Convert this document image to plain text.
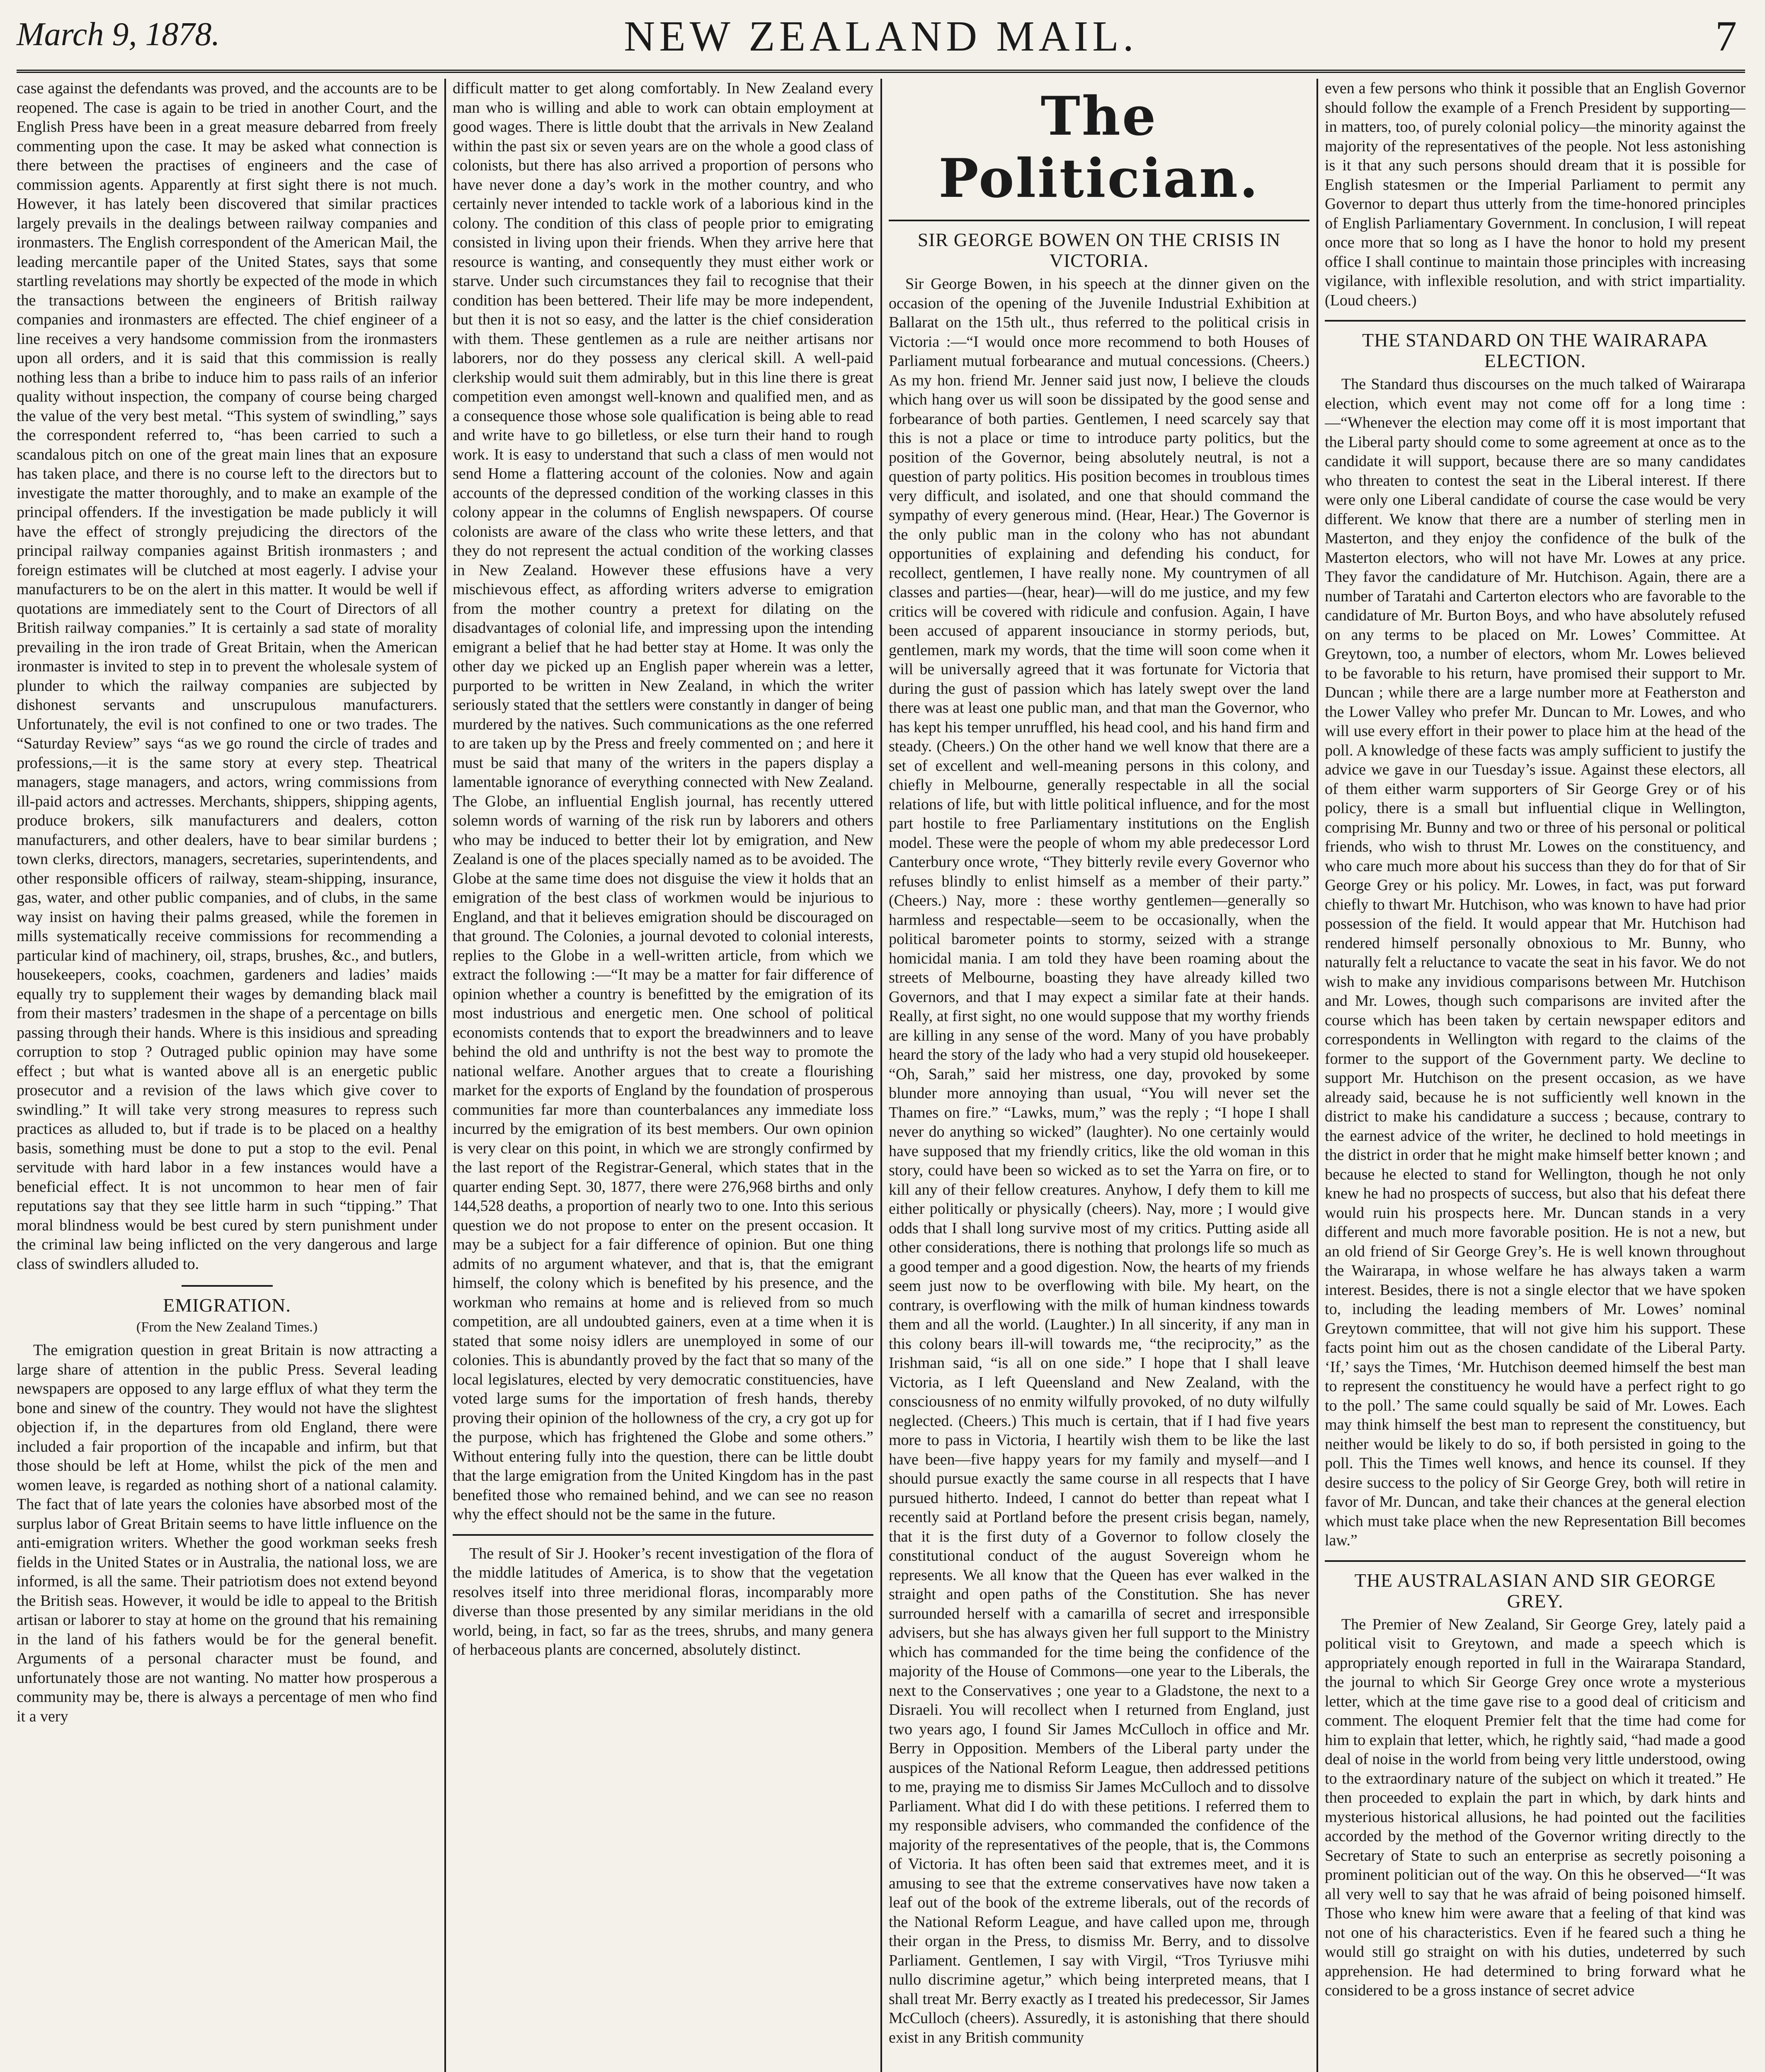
March 9, 1878.	NEW ZEALAND MAIL.	7

case against the defendants was proved, and the accounts are to be reopened. The case is again to be tried in another Court, and the English Press have been in a great measure debarred from freely commenting upon the case. It may be asked what connection is there between the practises of engineers and the case of commission agents. Apparently at first sight there is not much. However, it has lately been discovered that similar practices largely prevails in the dealings between railway companies and ironmasters. The English correspondent of the American Mail, the leading mercantile paper of the United States, says that some startling revelations may shortly be expected of the mode in which the transactions between the engineers of British railway companies and ironmasters are effected. The chief engineer of a line receives a very handsome commission from the ironmasters upon all orders, and it is said that this commission is really nothing less than a bribe to induce him to pass rails of an inferior quality without inspection, the company of course being charged the value of the very best metal. “This system of swindling,” says the correspondent referred to, “has been carried to such a scandalous pitch on one of the great main lines that an exposure has taken place, and there is no course left to the directors but to investigate the matter thoroughly, and to make an example of the principal offenders. If the investigation be made publicly it will have the effect of strongly prejudicing the directors of the principal railway companies against British ironmasters ; and foreign estimates will be clutched at most eagerly. I advise your manufacturers to be on the alert in this matter. It would be well if quotations are immediately sent to the Court of Directors of all British railway companies.” It is certainly a sad state of morality prevailing in the iron trade of Great Britain, when the American ironmaster is invited to step in to prevent the wholesale system of plunder to which the railway companies are subjected by dishonest servants and unscrupulous manufacturers. Unfortunately, the evil is not confined to one or two trades. The “Saturday Review” says “as we go round the circle of trades and professions,—it is the same story at every step. Theatrical managers, stage managers, and actors, wring commissions from ill-paid actors and actresses. Merchants, shippers, shipping agents, produce brokers, silk manufacturers and dealers, cotton manufacturers, and other dealers, have to bear similar burdens ; town clerks, directors, managers, secretaries, superintendents, and other responsible officers of railway, steam-shipping, insurance, gas, water, and other public companies, and of clubs, in the same way insist on having their palms greased, while the foremen in mills systematically receive commissions for recommending a particular kind of machinery, oil, straps, brushes, &c., and butlers, housekeepers, cooks, coachmen, gardeners and ladies’ maids equally try to supplement their wages by demanding black mail from their masters’ tradesmen in the shape of a percentage on bills passing through their hands. Where is this insidious and spreading corruption to stop ? Outraged public opinion may have some effect ; but what is wanted above all is an energetic public prosecutor and a revision of the laws which give cover to swindling.” It will take very strong measures to repress such practices as alluded to, but if trade is to be placed on a healthy basis, something must be done to put a stop to the evil. Penal servitude with hard labor in a few instances would have a beneficial effect. It is not uncommon to hear men of fair reputations say that they see little harm in such “tipping.” That moral blindness would be best cured by stern punishment under the criminal law being inflicted on the very dangerous and large class of swindlers alluded to.

EMIGRATION.
(From the New Zealand Times.)

The emigration question in great Britain is now attracting a large share of attention in the public Press. Several leading newspapers are opposed to any large efflux of what they term the bone and sinew of the country. They would not have the slightest objection if, in the departures from old England, there were included a fair proportion of the incapable and infirm, but that those should be left at Home, whilst the pick of the men and women leave, is regarded as nothing short of a national calamity. The fact that of late years the colonies have absorbed most of the surplus labor of Great Britain seems to have little influence on the anti-emigration writers. Whether the good workman seeks fresh fields in the United States or in Australia, the national loss, we are informed, is all the same. Their patriotism does not extend beyond the British seas. However, it would be idle to appeal to the British artisan or laborer to stay at home on the ground that his remaining in the land of his fathers would be for the general benefit. Arguments of a personal character must be found, and unfortunately those are not wanting. No matter how prosperous a community may be, there is always a percentage of men who find it a very

difficult matter to get along comfortably. In New Zealand every man who is willing and able to work can obtain employment at good wages. There is little doubt that the arrivals in New Zealand within the past six or seven years are on the whole a good class of colonists, but there has also arrived a proportion of persons who have never done a day’s work in the mother country, and who certainly never intended to tackle work of a laborious kind in the colony. The condition of this class of people prior to emigrating consisted in living upon their friends. When they arrive here that resource is wanting, and consequently they must either work or starve. Under such circumstances they fail to recognise that their condition has been bettered. Their life may be more independent, but then it is not so easy, and the latter is the chief consideration with them. These gentlemen as a rule are neither artisans nor laborers, nor do they possess any clerical skill. A well-paid clerkship would suit them admirably, but in this line there is great competition even amongst well-known and qualified men, and as a consequence those whose sole qualification is being able to read and write have to go billetless, or else turn their hand to rough work. It is easy to understand that such a class of men would not send Home a flattering account of the colonies. Now and again accounts of the depressed condition of the working classes in this colony appear in the columns of English newspapers. Of course colonists are aware of the class who write these letters, and that they do not represent the actual condition of the working classes in New Zealand. However these effusions have a very mischievous effect, as affording writers adverse to emigration from the mother country a pretext for dilating on the disadvantages of colonial life, and impressing upon the intending emigrant a belief that he had better stay at Home. It was only the other day we picked up an English paper wherein was a letter, purported to be written in New Zealand, in which the writer seriously stated that the settlers were constantly in danger of being murdered by the natives. Such communications as the one referred to are taken up by the Press and freely commented on ; and here it must be said that many of the writers in the papers display a lamentable ignorance of everything connected with New Zealand. The Globe, an influential English journal, has recently uttered solemn words of warning of the risk run by laborers and others who may be induced to better their lot by emigration, and New Zealand is one of the places specially named as to be avoided. The Globe at the same time does not disguise the view it holds that an emigration of the best class of workmen would be injurious to England, and that it believes emigration should be discouraged on that ground. The Colonies, a journal devoted to colonial interests, replies to the Globe in a well-written article, from which we extract the following :—“It may be a matter for fair difference of opinion whether a country is benefitted by the emigration of its most industrious and energetic men. One school of political economists contends that to export the breadwinners and to leave behind the old and unthrifty is not the best way to promote the national welfare. Another argues that to create a flourishing market for the exports of England by the foundation of prosperous communities far more than counterbalances any immediate loss incurred by the emigration of its best members. Our own opinion is very clear on this point, in which we are strongly confirmed by the last report of the Registrar-General, which states that in the quarter ending Sept. 30, 1877, there were 276,968 births and only 144,528 deaths, a proportion of nearly two to one. Into this serious question we do not propose to enter on the present occasion. It may be a subject for a fair difference of opinion. But one thing admits of no argument whatever, and that is, that the emigrant himself, the colony which is benefited by his presence, and the workman who remains at home and is relieved from so much competition, are all undoubted gainers, even at a time when it is stated that some noisy idlers are unemployed in some of our colonies. This is abundantly proved by the fact that so many of the local legislatures, elected by very democratic constituencies, have voted large sums for the importation of fresh hands, thereby proving their opinion of the hollowness of the cry, a cry got up for the purpose, which has frightened the Globe and some others.” Without entering fully into the question, there can be little doubt that the large emigration from the United Kingdom has in the past benefited those who remained behind, and we can see no reason why the effect should not be the same in the future.

The result of Sir J. Hooker’s recent investigation of the flora of the middle latitudes of America, is to show that the vegetation resolves itself into three meridional floras, incomparably more diverse than those presented by any similar meridians in the old world, being, in fact, so far as the trees, shrubs, and many genera of herbaceous plants are concerned, absolutely distinct.

The Politician.
SIR GEORGE BOWEN ON THE CRISIS IN VICTORIA.

Sir George Bowen, in his speech at the dinner given on the occasion of the opening of the Juvenile Industrial Exhibition at Ballarat on the 15th ult., thus referred to the political crisis in Victoria :—“I would once more recommend to both Houses of Parliament mutual forbearance and mutual concessions. (Cheers.) As my hon. friend Mr. Jenner said just now, I believe the clouds which hang over us will soon be dissipated by the good sense and forbearance of both parties. Gentlemen, I need scarcely say that this is not a place or time to introduce party politics, but the position of the Governor, being absolutely neutral, is not a question of party politics. His position becomes in troublous times very difficult, and isolated, and one that should command the sympathy of every generous mind. (Hear, Hear.) The Governor is the only public man in the colony who has not abundant opportunities of explaining and defending his conduct, for recollect, gentlemen, I have really none. My countrymen of all classes and parties—(hear, hear)—will do me justice, and my few critics will be covered with ridicule and confusion. Again, I have been accused of apparent insouciance in stormy periods, but, gentlemen, mark my words, that the time will soon come when it will be universally agreed that it was fortunate for Victoria that during the gust of passion which has lately swept over the land there was at least one public man, and that man the Governor, who has kept his temper unruffled, his head cool, and his hand firm and steady. (Cheers.) On the other hand we well know that there are a set of excellent and well-meaning persons in this colony, and chiefly in Melbourne, generally respectable in all the social relations of life, but with little political influence, and for the most part hostile to free Parliamentary institutions on the English model. These were the people of whom my able predecessor Lord Canterbury once wrote, “They bitterly revile every Governor who refuses blindly to enlist himself as a member of their party.” (Cheers.) Nay, more : these worthy gentlemen—generally so harmless and respectable—seem to be occasionally, when the political barometer points to stormy, seized with a strange homicidal mania. I am told they have been roaming about the streets of Melbourne, boasting they have already killed two Governors, and that I may expect a similar fate at their hands. Really, at first sight, no one would suppose that my worthy friends are killing in any sense of the word. Many of you have probably heard the story of the lady who had a very stupid old housekeeper. “Oh, Sarah,” said her mistress, one day, provoked by some blunder more annoying than usual, “You will never set the Thames on fire.” “Lawks, mum,” was the reply ; “I hope I shall never do anything so wicked” (laughter). No one certainly would have supposed that my friendly critics, like the old woman in this story, could have been so wicked as to set the Yarra on fire, or to kill any of their fellow creatures. Anyhow, I defy them to kill me either politically or physically (cheers). Nay, more ; I would give odds that I shall long survive most of my critics. Putting aside all other considerations, there is nothing that prolongs life so much as a good temper and a good digestion. Now, the hearts of my friends seem just now to be overflowing with bile. My heart, on the contrary, is overflowing with the milk of human kindness towards them and all the world. (Laughter.) In all sincerity, if any man in this colony bears ill-will towards me, “the reciprocity,” as the Irishman said, “is all on one side.” I hope that I shall leave Victoria, as I left Queensland and New Zealand, with the consciousness of no enmity wilfully provoked, of no duty wilfully neglected. (Cheers.) This much is certain, that if I had five years more to pass in Victoria, I heartily wish them to be like the last have been—five happy years for my family and myself—and I should pursue exactly the same course in all respects that I have pursued hitherto. Indeed, I cannot do better than repeat what I recently said at Portland before the present crisis began, namely, that it is the first duty of a Governor to follow closely the constitutional conduct of the august Sovereign whom he represents. We all know that the Queen has ever walked in the straight and open paths of the Constitution. She has never surrounded herself with a camarilla of secret and irresponsible advisers, but she has always given her full support to the Ministry which has commanded for the time being the confidence of the majority of the House of Commons—one year to the Liberals, the next to the Conservatives ; one year to a Gladstone, the next to a Disraeli. You will recollect when I returned from England, just two years ago, I found Sir James McCulloch in office and Mr. Berry in Opposition. Members of the Liberal party under the auspices of the National Reform League, then addressed petitions to me, praying me to dismiss Sir James McCulloch and to dissolve Parliament. What did I do with these petitions. I referred them to my responsible advisers, who commanded the confidence of the majority of the representatives of the people, that is, the Commons of Victoria. It has often been said that extremes meet, and it is amusing to see that the extreme conservatives have now taken a leaf out of the book of the extreme liberals, out of the records of the National Reform League, and have called upon me, through their organ in the Press, to dismiss Mr. Berry, and to dissolve Parliament. Gentlemen, I say with Virgil, “Tros Tyriusve mihi nullo discrimine agetur,” which being interpreted means, that I shall treat Mr. Berry exactly as I treated his predecessor, Sir James McCulloch (cheers). Assuredly, it is astonishing that there should exist in any British community

even a few persons who think it possible that an English Governor should follow the example of a French President by supporting—in matters, too, of purely colonial policy—the minority against the majority of the representatives of the people. Not less astonishing is it that any such persons should dream that it is possible for English statesmen or the Imperial Parliament to permit any Governor to depart thus utterly from the time-honored principles of English Parliamentary Government. In conclusion, I will repeat once more that so long as I have the honor to hold my present office I shall continue to maintain those principles with increasing vigilance, with inflexible resolution, and with strict impartiality. (Loud cheers.)

THE STANDARD ON THE WAIRARAPA ELECTION.

The Standard thus discourses on the much talked of Wairarapa election, which event may not come off for a long time :—“Whenever the election may come off it is most important that the Liberal party should come to some agreement at once as to the candidate it will support, because there are so many candidates who threaten to contest the seat in the Liberal interest. If there were only one Liberal candidate of course the case would be very different. We know that there are a number of sterling men in Masterton, and they enjoy the confidence of the bulk of the Masterton electors, who will not have Mr. Lowes at any price. They favor the candidature of Mr. Hutchison. Again, there are a number of Taratahi and Carterton electors who are favorable to the candidature of Mr. Burton Boys, and who have absolutely refused on any terms to be placed on Mr. Lowes’ Committee. At Greytown, too, a number of electors, whom Mr. Lowes believed to be favorable to his return, have promised their support to Mr. Duncan ; while there are a large number more at Featherston and the Lower Valley who prefer Mr. Duncan to Mr. Lowes, and who will use every effort in their power to place him at the head of the poll. A knowledge of these facts was amply sufficient to justify the advice we gave in our Tuesday’s issue. Against these electors, all of them either warm supporters of Sir George Grey or of his policy, there is a small but influential clique in Wellington, comprising Mr. Bunny and two or three of his personal or political friends, who wish to thrust Mr. Lowes on the constituency, and who care much more about his success than they do for that of Sir George Grey or his policy. Mr. Lowes, in fact, was put forward chiefly to thwart Mr. Hutchison, who was known to have had prior possession of the field. It would appear that Mr. Hutchison had rendered himself personally obnoxious to Mr. Bunny, who naturally felt a reluctance to vacate the seat in his favor. We do not wish to make any invidious comparisons between Mr. Hutchison and Mr. Lowes, though such comparisons are invited after the course which has been taken by certain newspaper editors and correspondents in Wellington with regard to the claims of the former to the support of the Government party. We decline to support Mr. Hutchison on the present occasion, as we have already said, because he is not sufficiently well known in the district to make his candidature a success ; because, contrary to the earnest advice of the writer, he declined to hold meetings in the district in order that he might make himself better known ; and because he elected to stand for Wellington, though he not only knew he had no prospects of success, but also that his defeat there would ruin his prospects here. Mr. Duncan stands in a very different and much more favorable position. He is not a new, but an old friend of Sir George Grey’s. He is well known throughout the Wairarapa, in whose welfare he has always taken a warm interest. Besides, there is not a single elector that we have spoken to, including the leading members of Mr. Lowes’ nominal Greytown committee, that will not give him his support. These facts point him out as the chosen candidate of the Liberal Party. ‘If,’ says the Times, ‘Mr. Hutchison deemed himself the best man to represent the constituency he would have a perfect right to go to the poll.’ The same could squally be said of Mr. Lowes. Each may think himself the best man to represent the constituency, but neither would be likely to do so, if both persisted in going to the poll. This the Times well knows, and hence its counsel. If they desire success to the policy of Sir George Grey, both will retire in favor of Mr. Duncan, and take their chances at the general election which must take place when the new Representation Bill becomes law.”

THE AUSTRALASIAN AND SIR GEORGE GREY.

The Premier of New Zealand, Sir George Grey, lately paid a political visit to Greytown, and made a speech which is appropriately enough reported in full in the Wairarapa Standard, the journal to which Sir George Grey once wrote a mysterious letter, which at the time gave rise to a good deal of criticism and comment. The eloquent Premier felt that the time had come for him to explain that letter, which, he rightly said, “had made a good deal of noise in the world from being very little understood, owing to the extraordinary nature of the subject on which it treated.” He then proceeded to explain the part in which, by dark hints and mysterious historical allusions, he had pointed out the facilities accorded by the method of the Governor writing directly to the Secretary of State to such an enterprise as secretly poisoning a prominent politician out of the way. On this he observed—“It was all very well to say that he was afraid of being poisoned himself. Those who knew him were aware that a feeling of that kind was not one of his characteristics. Even if he feared such a thing he would still go straight on with his duties, undeterred by such apprehension. He had determined to bring forward what he considered to be a gross instance of secret advice
